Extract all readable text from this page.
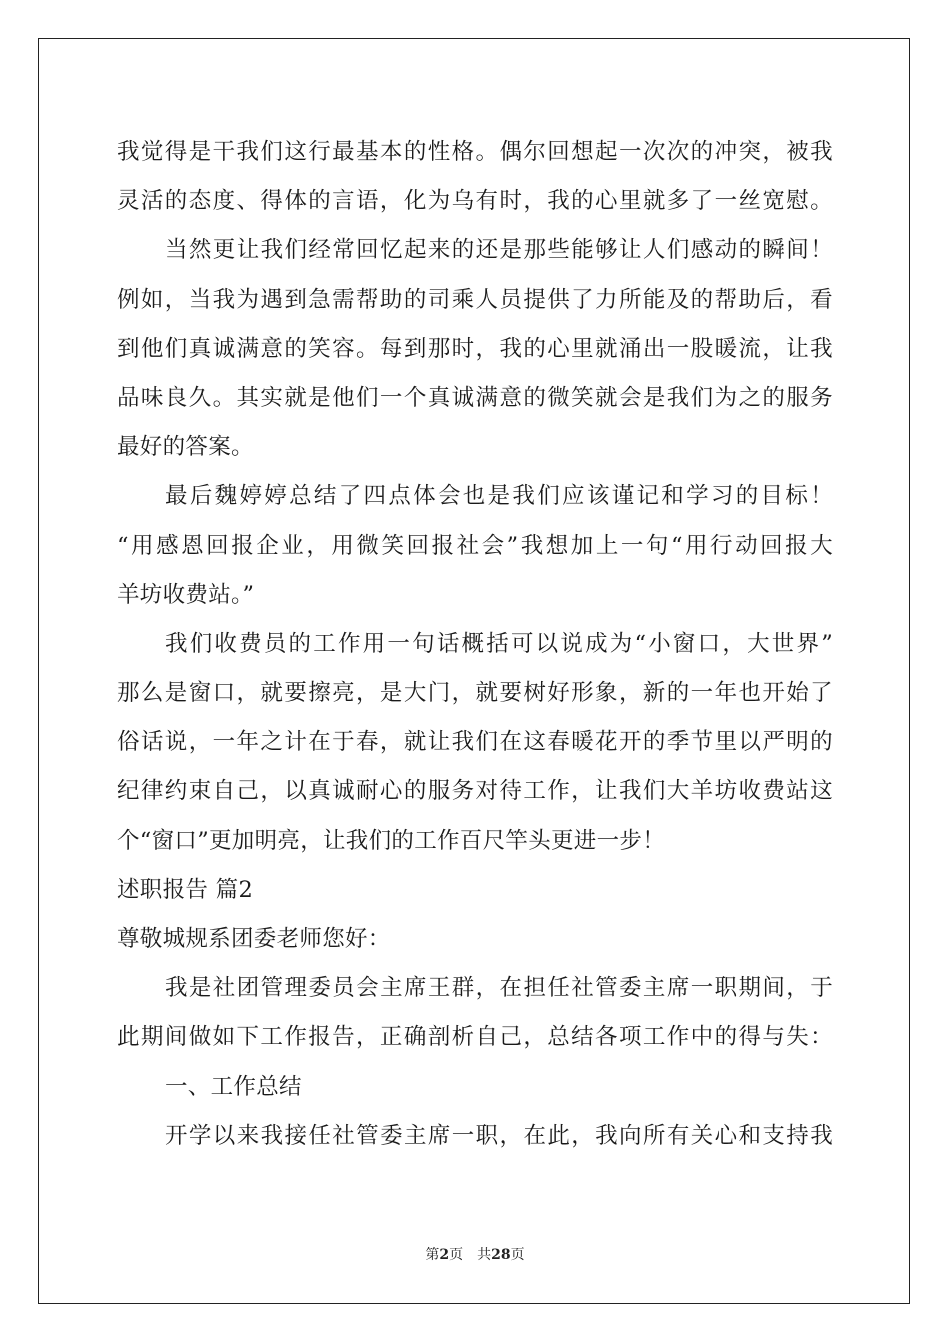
我觉得是干我们这行最基本的性格。偶尔回想起一次次的冲突，被我
灵活的态度、得体的言语，化为乌有时，我的心里就多了一丝宽慰。
当然更让我们经常回忆起来的还是那些能够让人们感动的瞬间！
例如，当我为遇到急需帮助的司乘人员提供了力所能及的帮助后，看
到他们真诚满意的笑容。每到那时，我的心里就涌出一股暖流，让我
品味良久。其实就是他们一个真诚满意的微笑就会是我们为之的服务
最好的答案。
最后魏婷婷总结了四点体会也是我们应该谨记和学习的目标！
“用感恩回报企业，用微笑回报社会”我想加上一句“用行动回报大
羊坊收费站。”
我们收费员的工作用一句话概括可以说成为“小窗口，大世界”
那么是窗口，就要擦亮，是大门，就要树好形象，新的一年也开始了
俗话说，一年之计在于春，就让我们在这春暖花开的季节里以严明的
纪律约束自己，以真诚耐心的服务对待工作，让我们大羊坊收费站这
个“窗口”更加明亮，让我们的工作百尺竿头更进一步！
述职报告 篇2
尊敬城规系团委老师您好：
我是社团管理委员会主席王群，在担任社管委主席一职期间，于
此期间做如下工作报告，正确剖析自己，总结各项工作中的得与失：
一、工作总结
开学以来我接任社管委主席一职，在此，我向所有关心和支持我
第2页 共28页
